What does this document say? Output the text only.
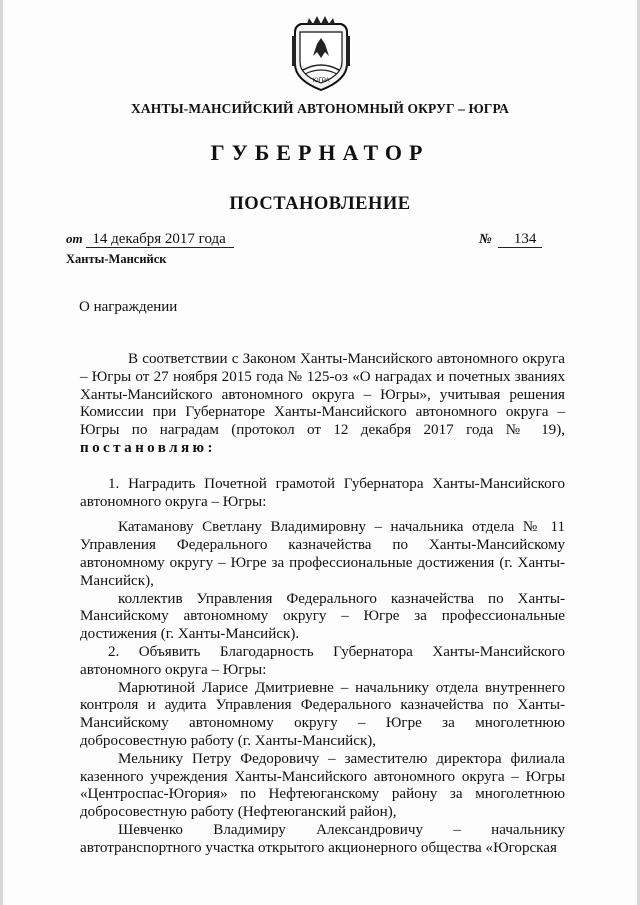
ЮГРА
ХАНТЫ-МАНСИЙСКИЙ АВТОНОМНЫЙ ОКРУГ – ЮГРА
ГУБЕРНАТОР
ПОСТАНОВЛЕНИЕ
от 14 декабря 2017 года	№ 134
Ханты-Мансийск
О награждении

В соответствии с Законом Ханты-Мансийского автономного округа – Югры от 27 ноября 2015 года № 125-оз «О наградах и почетных званиях Ханты-Мансийского автономного округа – Югры», учитывая решения Комиссии при Губернаторе Ханты-Мансийского автономного округа – Югры по наградам (протокол от 12 декабря 2017 года № 19), постановляю:

1. Наградить Почетной грамотой Губернатора Ханты-Мансийского автономного округа – Югры:

Катаманову Светлану Владимировну – начальника отдела № 11 Управления Федерального казначейства по Ханты-Мансийскому автономному округу – Югре за профессиональные достижения (г. Ханты-Мансийск),

коллектив Управления Федерального казначейства по Ханты-Мансийскому автономному округу – Югре за профессиональные достижения (г. Ханты-Мансийск).

2. Объявить Благодарность Губернатора Ханты-Мансийского автономного округа – Югры:

Марютиной Ларисе Дмитриевне – начальнику отдела внутреннего контроля и аудита Управления Федерального казначейства по Ханты-Мансийскому автономному округу – Югре за многолетнюю добросовестную работу (г. Ханты-Мансийск),

Мельнику Петру Федоровичу – заместителю директора филиала казенного учреждения Ханты-Мансийского автономного округа – Югры «Центроспас-Югория» по Нефтеюганскому району за многолетнюю добросовестную работу (Нефтеюганский район),

Шевченко Владимиру Александровичу – начальнику автотранспортного участка открытого акционерного общества «Югорская
